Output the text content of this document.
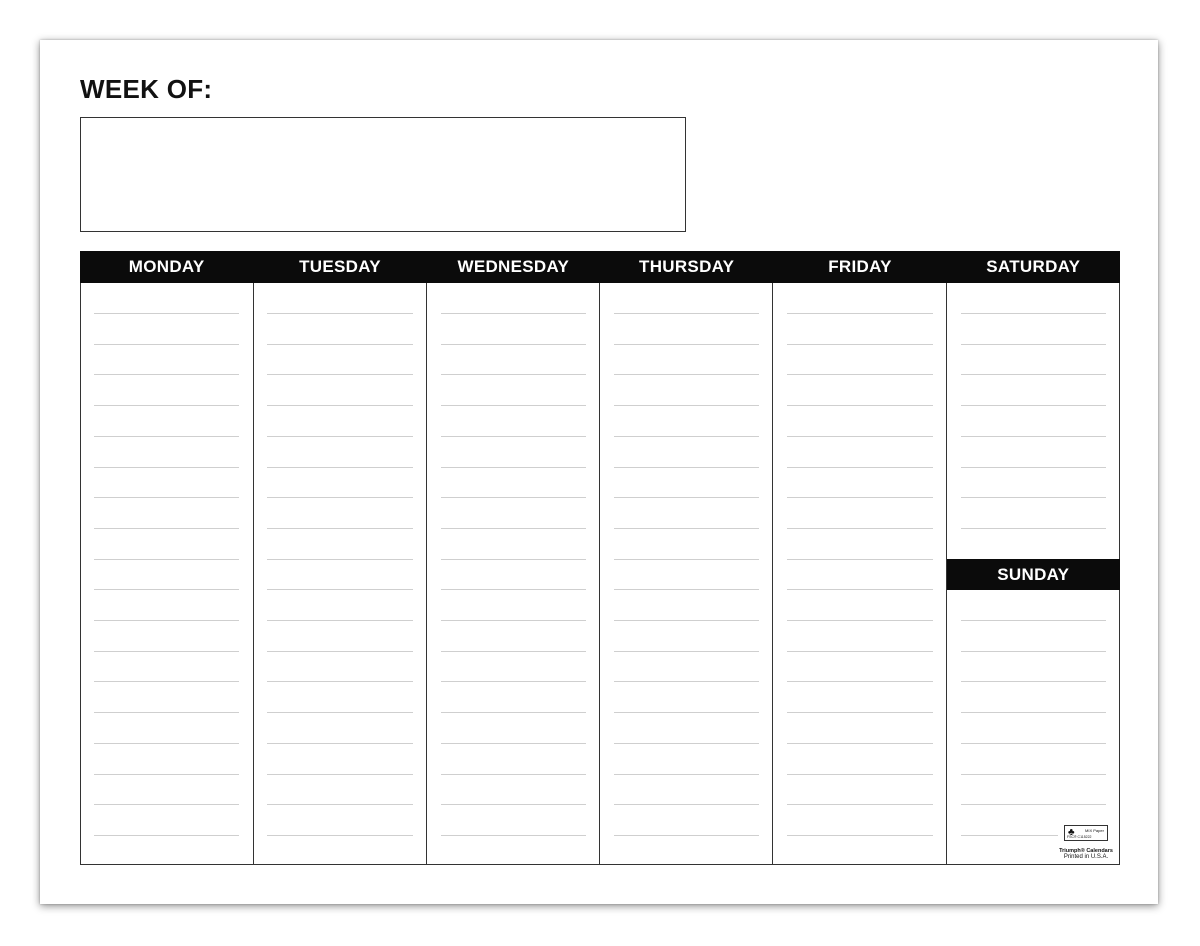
WEEK OF:
MONDAY	TUESDAY	WEDNESDAY	THURSDAY	FRIDAY	SATURDAY
SUNDAY
♣	MIX Paper
FSC® C115222
Triumph® Calendars
Printed in U.S.A.
